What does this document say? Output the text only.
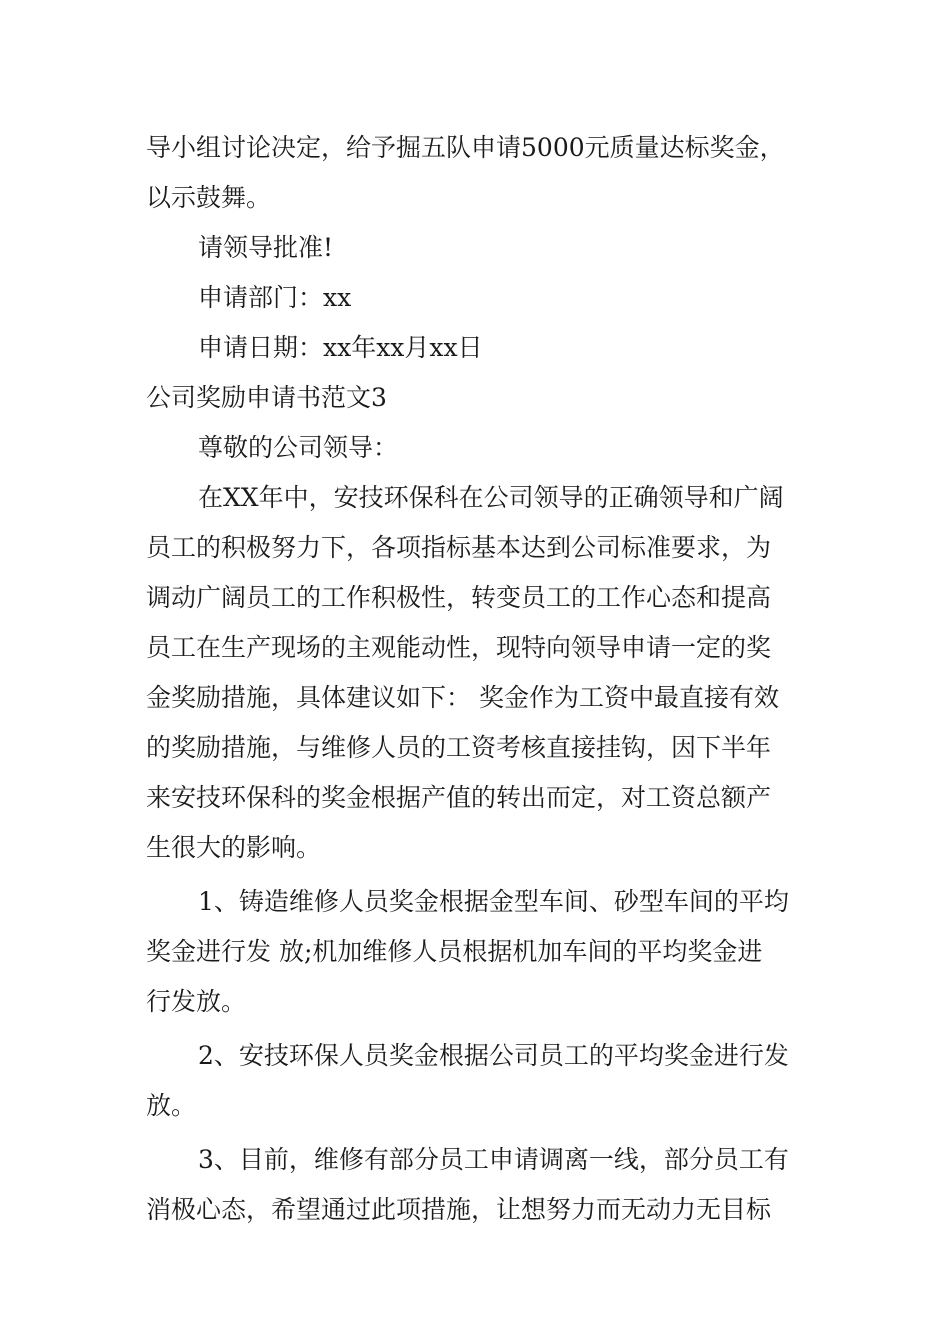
导小组讨论决定，给予掘五队申请5000元质量达标奖金，
以示鼓舞。
请领导批准!
申请部门：xx
申请日期：xx年xx月xx日
公司奖励申请书范文3
尊敬的公司领导：
在XX年中，安技环保科在公司领导的正确领导和广阔
员工的积极努力下，各项指标基本达到公司标准要求，为
调动广阔员工的工作积极性，转变员工的工作心态和提高
员工在生产现场的主观能动性，现特向领导申请一定的奖
金奖励措施，具体建议如下： 奖金作为工资中最直接有效
的奖励措施，与维修人员的工资考核直接挂钩，因下半年
来安技环保科的奖金根据产值的转出而定，对工资总额产
生很大的影响。
1、铸造维修人员奖金根据金型车间、砂型车间的平均
奖金进行发 放;机加维修人员根据机加车间的平均奖金进
行发放。
2、安技环保人员奖金根据公司员工的平均奖金进行发
放。
3、目前，维修有部分员工申请调离一线，部分员工有
消极心态，希望通过此项措施，让想努力而无动力无目标
